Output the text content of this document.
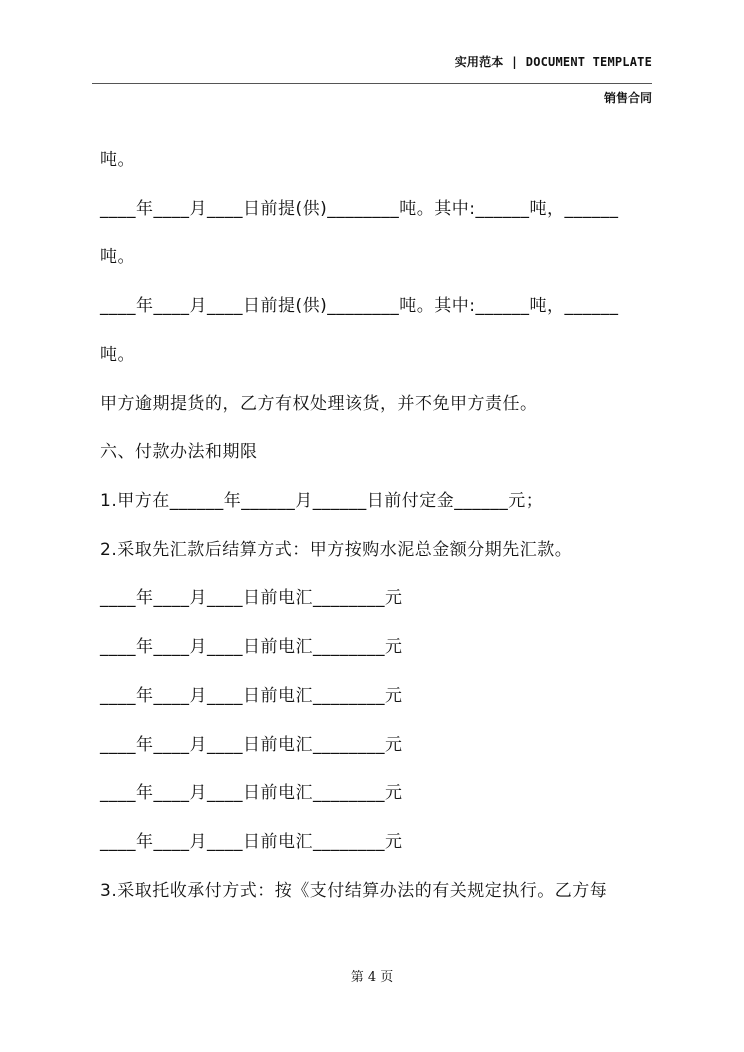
实用范本 | DOCUMENT TEMPLATE
销售合同
吨。
____年____月____日前提(供)________吨。其中:______吨，______
吨。
____年____月____日前提(供)________吨。其中:______吨，______
吨。
甲方逾期提货的，乙方有权处理该货，并不免甲方责任。
六、付款办法和期限
1.甲方在______年______月______日前付定金______元；
2.采取先汇款后结算方式：甲方按购水泥总金额分期先汇款。
____年____月____日前电汇________元
____年____月____日前电汇________元
____年____月____日前电汇________元
____年____月____日前电汇________元
____年____月____日前电汇________元
____年____月____日前电汇________元
3.采取托收承付方式：按《支付结算办法的有关规定执行。乙方每
第 4 页
